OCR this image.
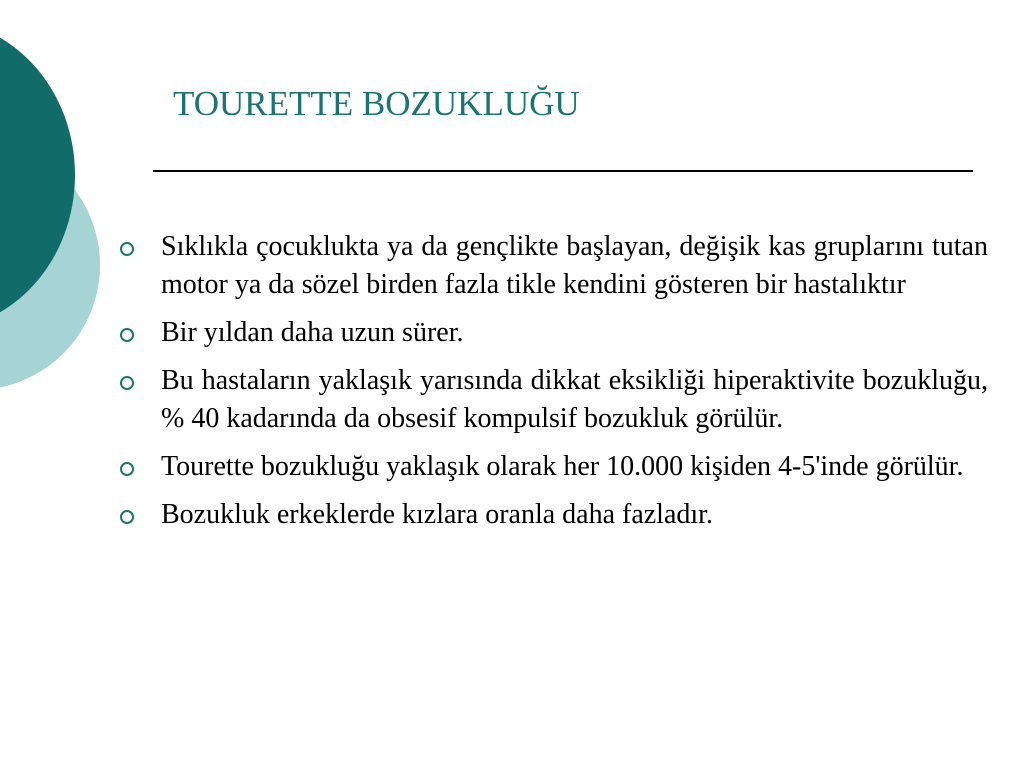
TOURETTE BOZUKLUĞU
Sıklıkla çocuklukta ya da gençlikte başlayan, değişik kas gruplarını tutan motor ya da sözel birden fazla tikle kendini gösteren bir hastalıktır
Bir yıldan daha uzun sürer.
Bu hastaların yaklaşık yarısında dikkat eksikliği hiperaktivite bozukluğu, % 40 kadarında da obsesif kompulsif bozukluk görülür.
Tourette bozukluğu yaklaşık olarak her 10.000 kişiden 4-5'inde görülür.
Bozukluk erkeklerde kızlara oranla daha fazladır.
